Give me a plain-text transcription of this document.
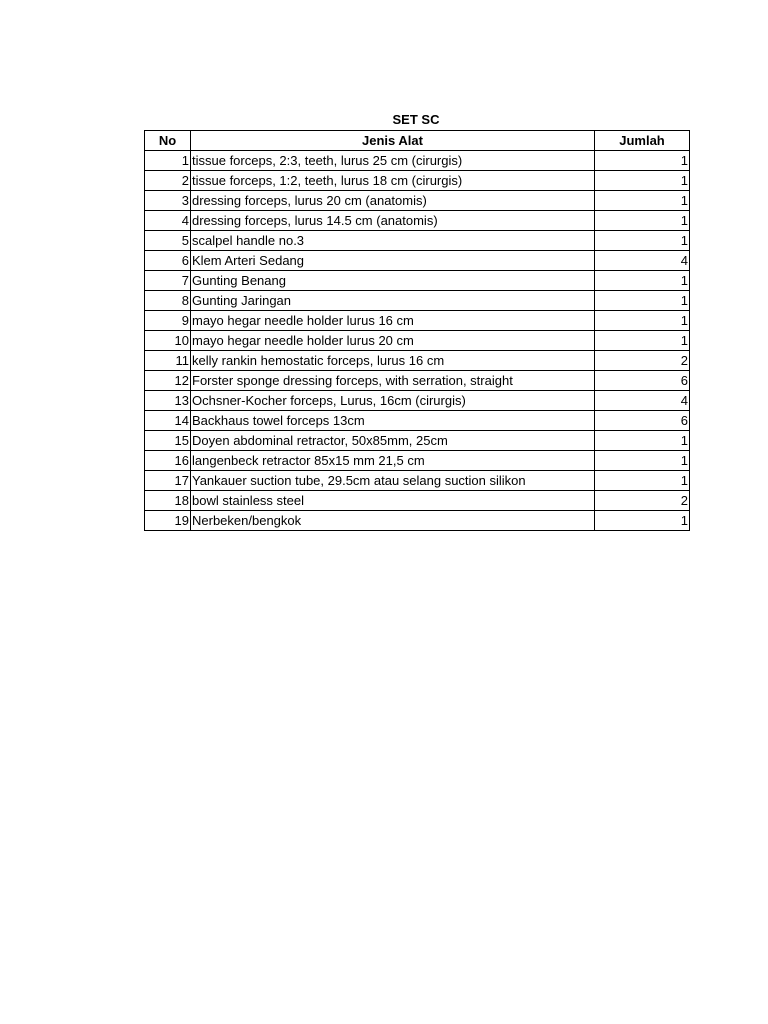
SET SC
No	Jenis Alat	Jumlah
1	tissue forceps, 2:3, teeth, lurus 25 cm (cirurgis)	1
2	tissue forceps, 1:2, teeth, lurus 18 cm (cirurgis)	1
3	dressing forceps, lurus 20 cm (anatomis)	1
4	dressing forceps, lurus 14.5 cm (anatomis)	1
5	scalpel handle no.3	1
6	Klem Arteri Sedang	4
7	Gunting Benang	1
8	Gunting Jaringan	1
9	mayo hegar needle holder lurus 16 cm	1
10	mayo hegar needle holder lurus 20 cm	1
11	kelly rankin hemostatic forceps, lurus 16 cm	2
12	Forster sponge dressing forceps, with serration, straight	6
13	Ochsner-Kocher forceps, Lurus, 16cm (cirurgis)	4
14	Backhaus towel forceps 13cm	6
15	Doyen abdominal retractor, 50x85mm, 25cm	1
16	langenbeck retractor 85x15 mm 21,5 cm	1
17	Yankauer suction tube, 29.5cm atau selang suction silikon	1
18	bowl stainless steel	2
19	Nerbeken/bengkok	1
